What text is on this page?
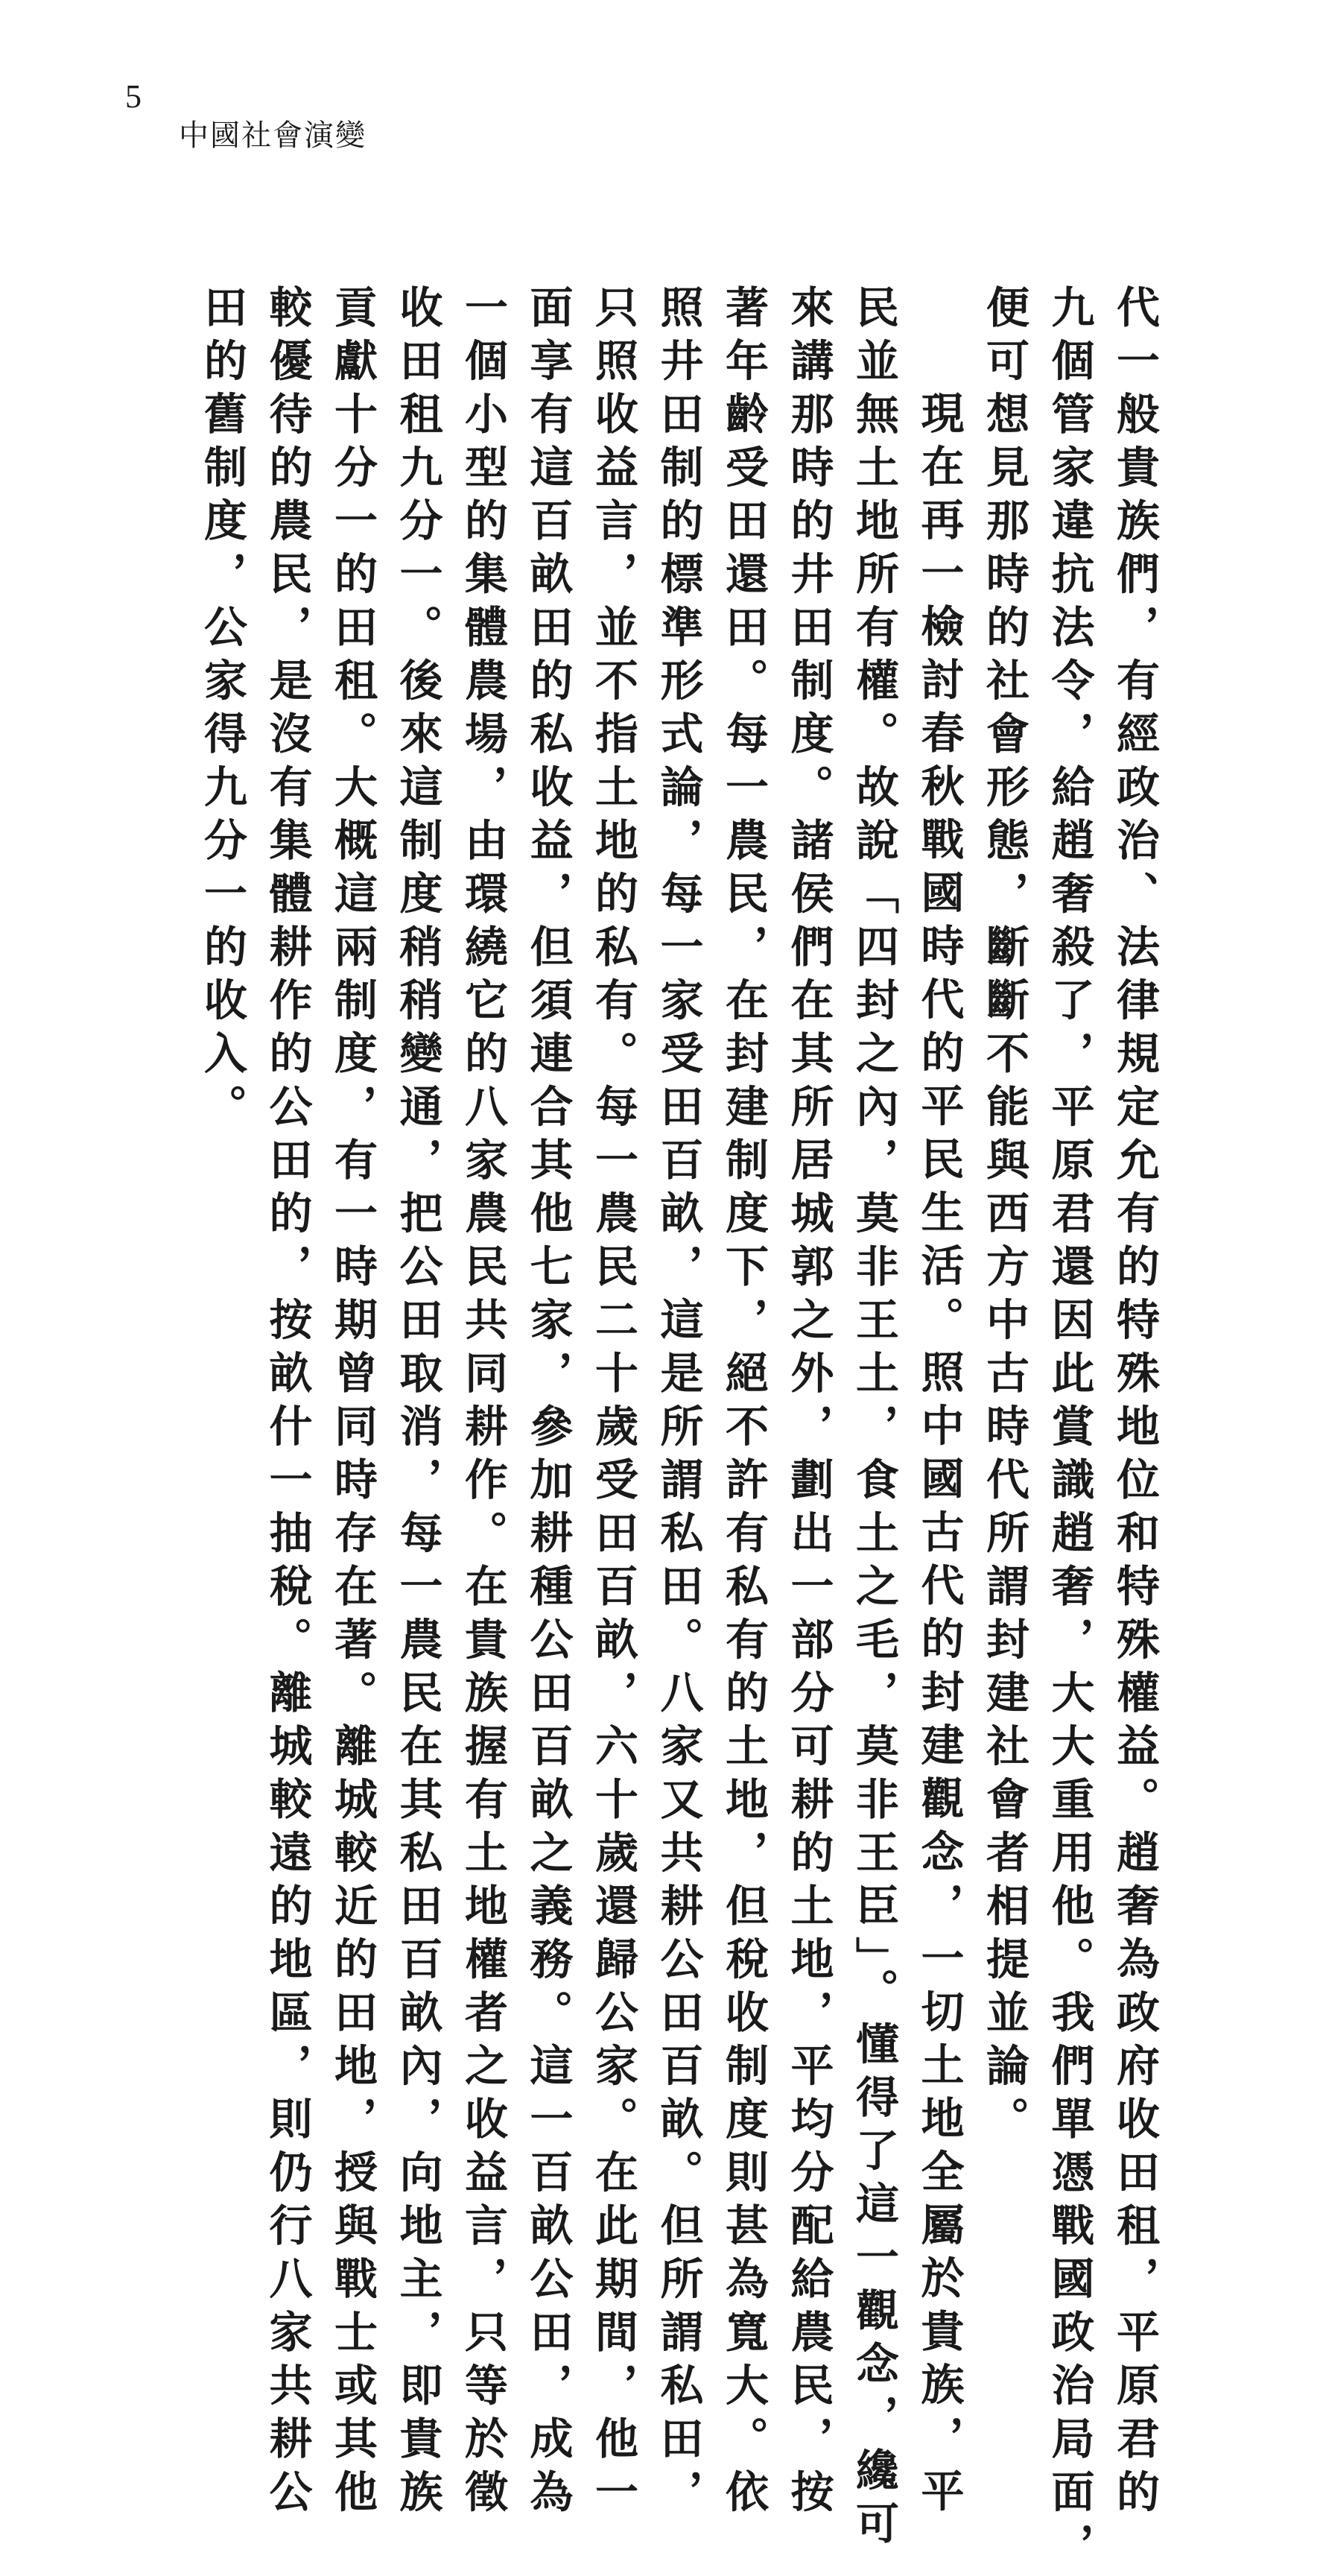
5
中國社會演變
代一般貴族們，有經政治、法律規定允有的特殊地位和特殊權益。趙奢為政府收田租，平原君的
九個管家違抗法令，給趙奢殺了，平原君還因此賞識趙奢，大大重用他。我們單憑戰國政治局面，
便可想見那時的社會形態，斷斷不能與西方中古時代所謂封建社會者相提並論。
現在再一檢討春秋戰國時代的平民生活。照中國古代的封建觀念，一切土地全屬於貴族，平
民並無土地所有權。故說「四封之內，莫非王土，食土之毛，莫非王臣」。懂得了這一觀念，纔可
來講那時的井田制度。諸侯們在其所居城郭之外，劃出一部分可耕的土地，平均分配給農民，按
著年齡受田還田。每一農民，在封建制度下，絕不許有私有的土地，但稅收制度則甚為寬大。依
照井田制的標準形式論，每一家受田百畝，這是所謂私田。八家又共耕公田百畝。但所謂私田，
只照收益言，並不指土地的私有。每一農民二十歲受田百畝，六十歲還歸公家。在此期間，他一
面享有這百畝田的私收益，但須連合其他七家，參加耕種公田百畝之義務。這一百畝公田，成為
一個小型的集體農場，由環繞它的八家農民共同耕作。在貴族握有土地權者之收益言，只等於徵
收田租九分一。後來這制度稍稍變通，把公田取消，每一農民在其私田百畝內，向地主，即貴族
貢獻十分一的田租。大概這兩制度，有一時期曾同時存在著。離城較近的田地，授與戰士或其他
較優待的農民，是沒有集體耕作的公田的，按畝什一抽稅。離城較遠的地區，則仍行八家共耕公
田的舊制度，公家得九分一的收入。
